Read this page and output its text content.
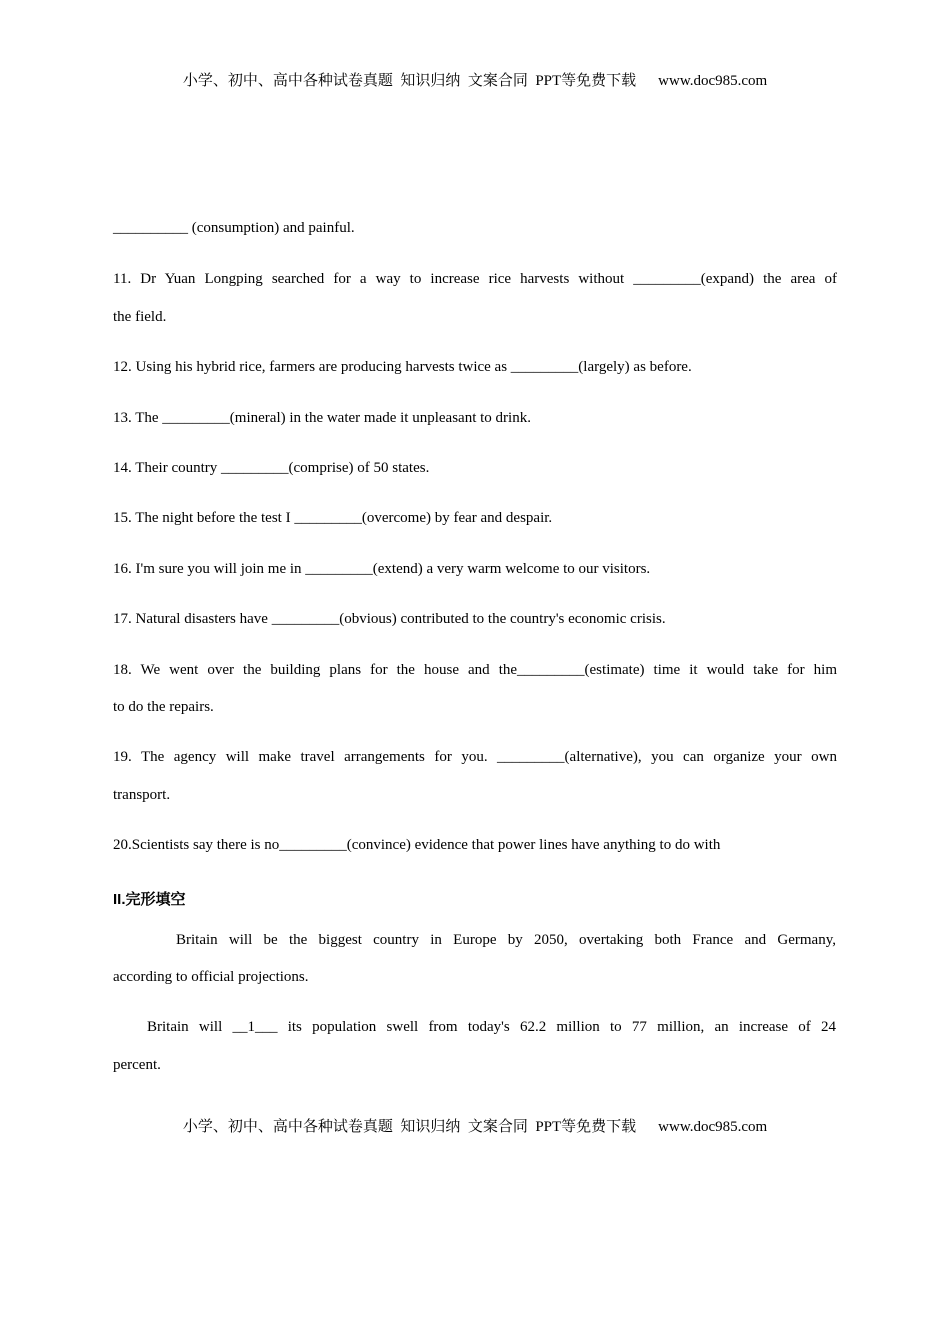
小学、初中、高中各种试卷真题  知识归纳  文案合同  PPT等免费下载 www.doc985.com
__________ (consumption) and painful.
11. Dr Yuan Longping searched for a way to increase rice harvests without _________(expand) the area of
the field.
12. Using his hybrid rice, farmers are producing harvests twice as _________(largely) as before.
13. The _________(mineral) in the water made it unpleasant to drink.
14. Their country _________(comprise) of 50 states.
15. The night before the test I _________(overcome) by fear and despair.
16. I'm sure you will join me in _________(extend) a very warm welcome to our visitors.
17. Natural disasters have _________(obvious) contributed to the country's economic crisis.
18. We went over the building plans for the house and the_________(estimate) time it would take for him
to do the repairs.
19. The agency will make travel arrangements for you. _________(alternative), you can organize your own
transport.
20.Scientists say there is no_________(convince) evidence that power lines have anything to do with
II.完形填空
Britain will be the biggest country in Europe by 2050, overtaking both France and Germany,
according to official projections.
Britain will __1___ its population swell from today's 62.2 million to 77 million, an increase of 24
percent.
小学、初中、高中各种试卷真题  知识归纳  文案合同  PPT等免费下载 www.doc985.com
